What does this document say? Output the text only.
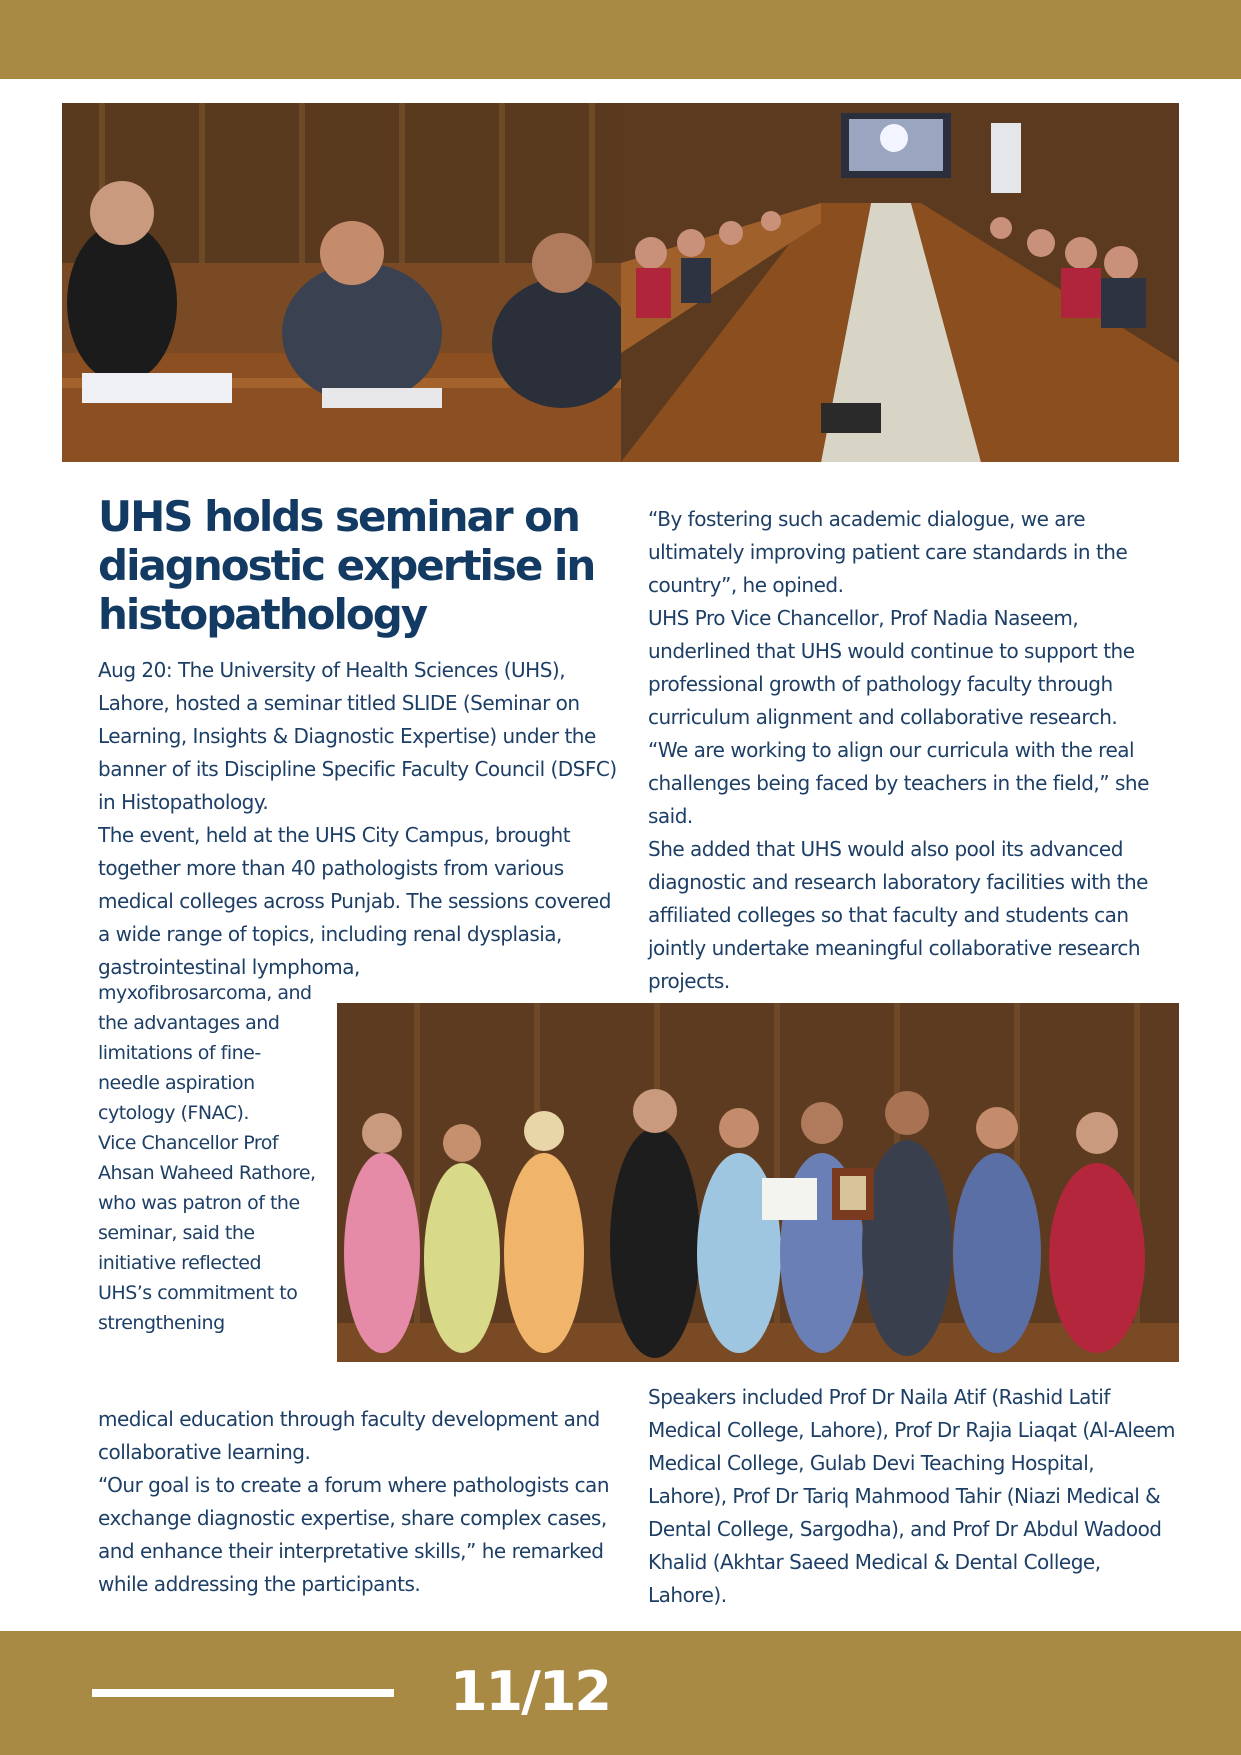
UHS holds seminar on diagnostic expertise in histopathology

Aug 20: The University of Health Sciences (UHS), Lahore, hosted a seminar titled SLIDE (Seminar on Learning, Insights & Diagnostic Expertise) under the banner of its Discipline Specific Faculty Council (DSFC) in Histopathology.

The event, held at the UHS City Campus, brought together more than 40 pathologists from various medical colleges across Punjab. The sessions covered a wide range of topics, including renal dysplasia, gastrointestinal lymphoma,

myxofibrosarcoma, and the advantages and limitations of fine-needle aspiration cytology (FNAC).

Vice Chancellor Prof Ahsan Waheed Rathore, who was patron of the seminar, said the initiative reflected UHS’s commitment to strengthening

medical education through faculty development and collaborative learning.

“Our goal is to create a forum where pathologists can exchange diagnostic expertise, share complex cases, and enhance their interpretative skills,” he remarked while addressing the participants.

“By fostering such academic dialogue, we are ultimately improving patient care standards in the country”, he opined.

UHS Pro Vice Chancellor, Prof Nadia Naseem, underlined that UHS would continue to support the professional growth of pathology faculty through curriculum alignment and collaborative research.

“We are working to align our curricula with the real challenges being faced by teachers in the field,” she said.

She added that UHS would also pool its advanced diagnostic and research laboratory facilities with the affiliated colleges so that faculty and students can jointly undertake meaningful collaborative research projects.

Speakers included Prof Dr Naila Atif (Rashid Latif Medical College, Lahore), Prof Dr Rajia Liaqat (Al-Aleem Medical College, Gulab Devi Teaching Hospital, Lahore), Prof Dr Tariq Mahmood Tahir (Niazi Medical & Dental College, Sargodha), and Prof Dr Abdul Wadood Khalid (Akhtar Saeed Medical & Dental College, Lahore).

11/12
